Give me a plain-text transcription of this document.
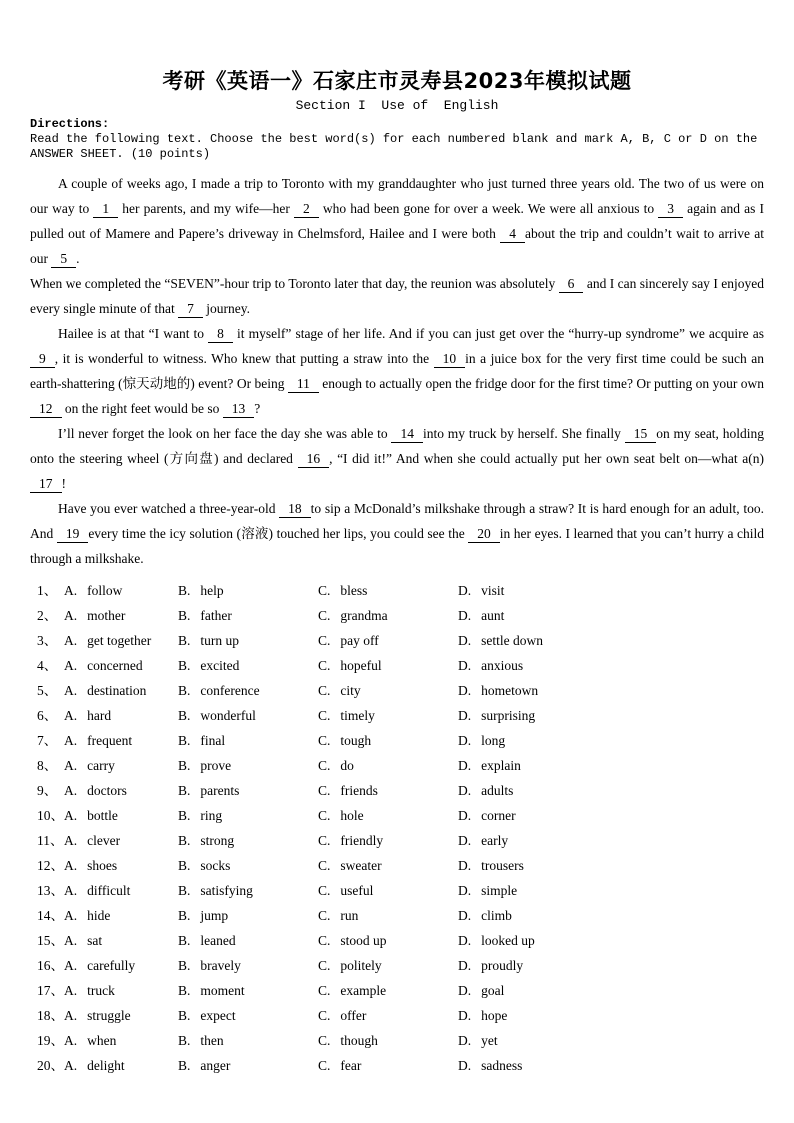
考研《英语一》石家庄市灵寿县2023年模拟试题
Section I  Use of  English
Directions:
Read the following text. Choose the best word(s) for each numbered blank and mark A, B, C or D on the ANSWER SHEET. (10 points)

A couple of weeks ago, I made a trip to Toronto with my granddaughter who just turned three years old. The two of us were on our way to 1 her parents, and my wife—her 2 who had been gone for over a week. We were all anxious to 3 again and as I pulled out of Mamere and Papere’s driveway in Chelmsford, Hailee and I were both 4 about the trip and couldn’t wait to arrive at our 5 .

When we completed the “SEVEN”-hour trip to Toronto later that day, the reunion was absolutely 6 and I can sincerely say I enjoyed every single minute of that 7 journey.

Hailee is at that “I want to 8 it myself” stage of her life. And if you can just get over the “hurry-up syndrome” we acquire as 9 , it is wonderful to witness. Who knew that putting a straw into the 10 in a juice box for the very first time could be such an earth-shattering (惊天动地的) event? Or being 11 enough to actually open the fridge door for the first time? Or putting on your own 12 on the right feet would be so 13 ?

I’ll never forget the look on her face the day she was able to 14 into my truck by herself. She finally 15 on my seat, holding onto the steering wheel (方向盘) and declared 16 , “I did it!” And when she could actually put her own seat belt on—what a(n) 17 !

Have you ever watched a three-year-old 18 to sip a McDonald’s milkshake through a straw? It is hard enough for an adult, too. And 19 every time the icy solution (溶液) touched her lips, you could see the 20 in her eyes. I learned that you can’t hurry a child through a milkshake.

1、 A. follow	B. help	C. bless	D. visit
2、 A. mother	B. father	C. grandma	D. aunt
3、 A. get together	B. turn up	C. pay off	D. settle down
4、 A. concerned	B. excited	C. hopeful	D. anxious
5、 A. destination	B. conference	C. city	D. hometown
6、 A. hard	B. wonderful	C. timely	D. surprising
7、 A. frequent	B. final	C. tough	D. long
8、 A. carry	B. prove	C. do	D. explain
9、 A. doctors	B. parents	C. friends	D. adults
10、 A. bottle	B. ring	C. hole	D. corner
11、 A. clever	B. strong	C. friendly	D. early
12、 A. shoes	B. socks	C. sweater	D. trousers
13、 A. difficult	B. satisfying	C. useful	D. simple
14、 A. hide	B. jump	C. run	D. climb
15、 A. sat	B. leaned	C. stood up	D. looked up
16、 A. carefully	B. bravely	C. politely	D. proudly
17、 A. truck	B. moment	C. example	D. goal
18、 A. struggle	B. expect	C. offer	D. hope
19、 A. when	B. then	C. though	D. yet
20、 A. delight	B. anger	C. fear	D. sadness
